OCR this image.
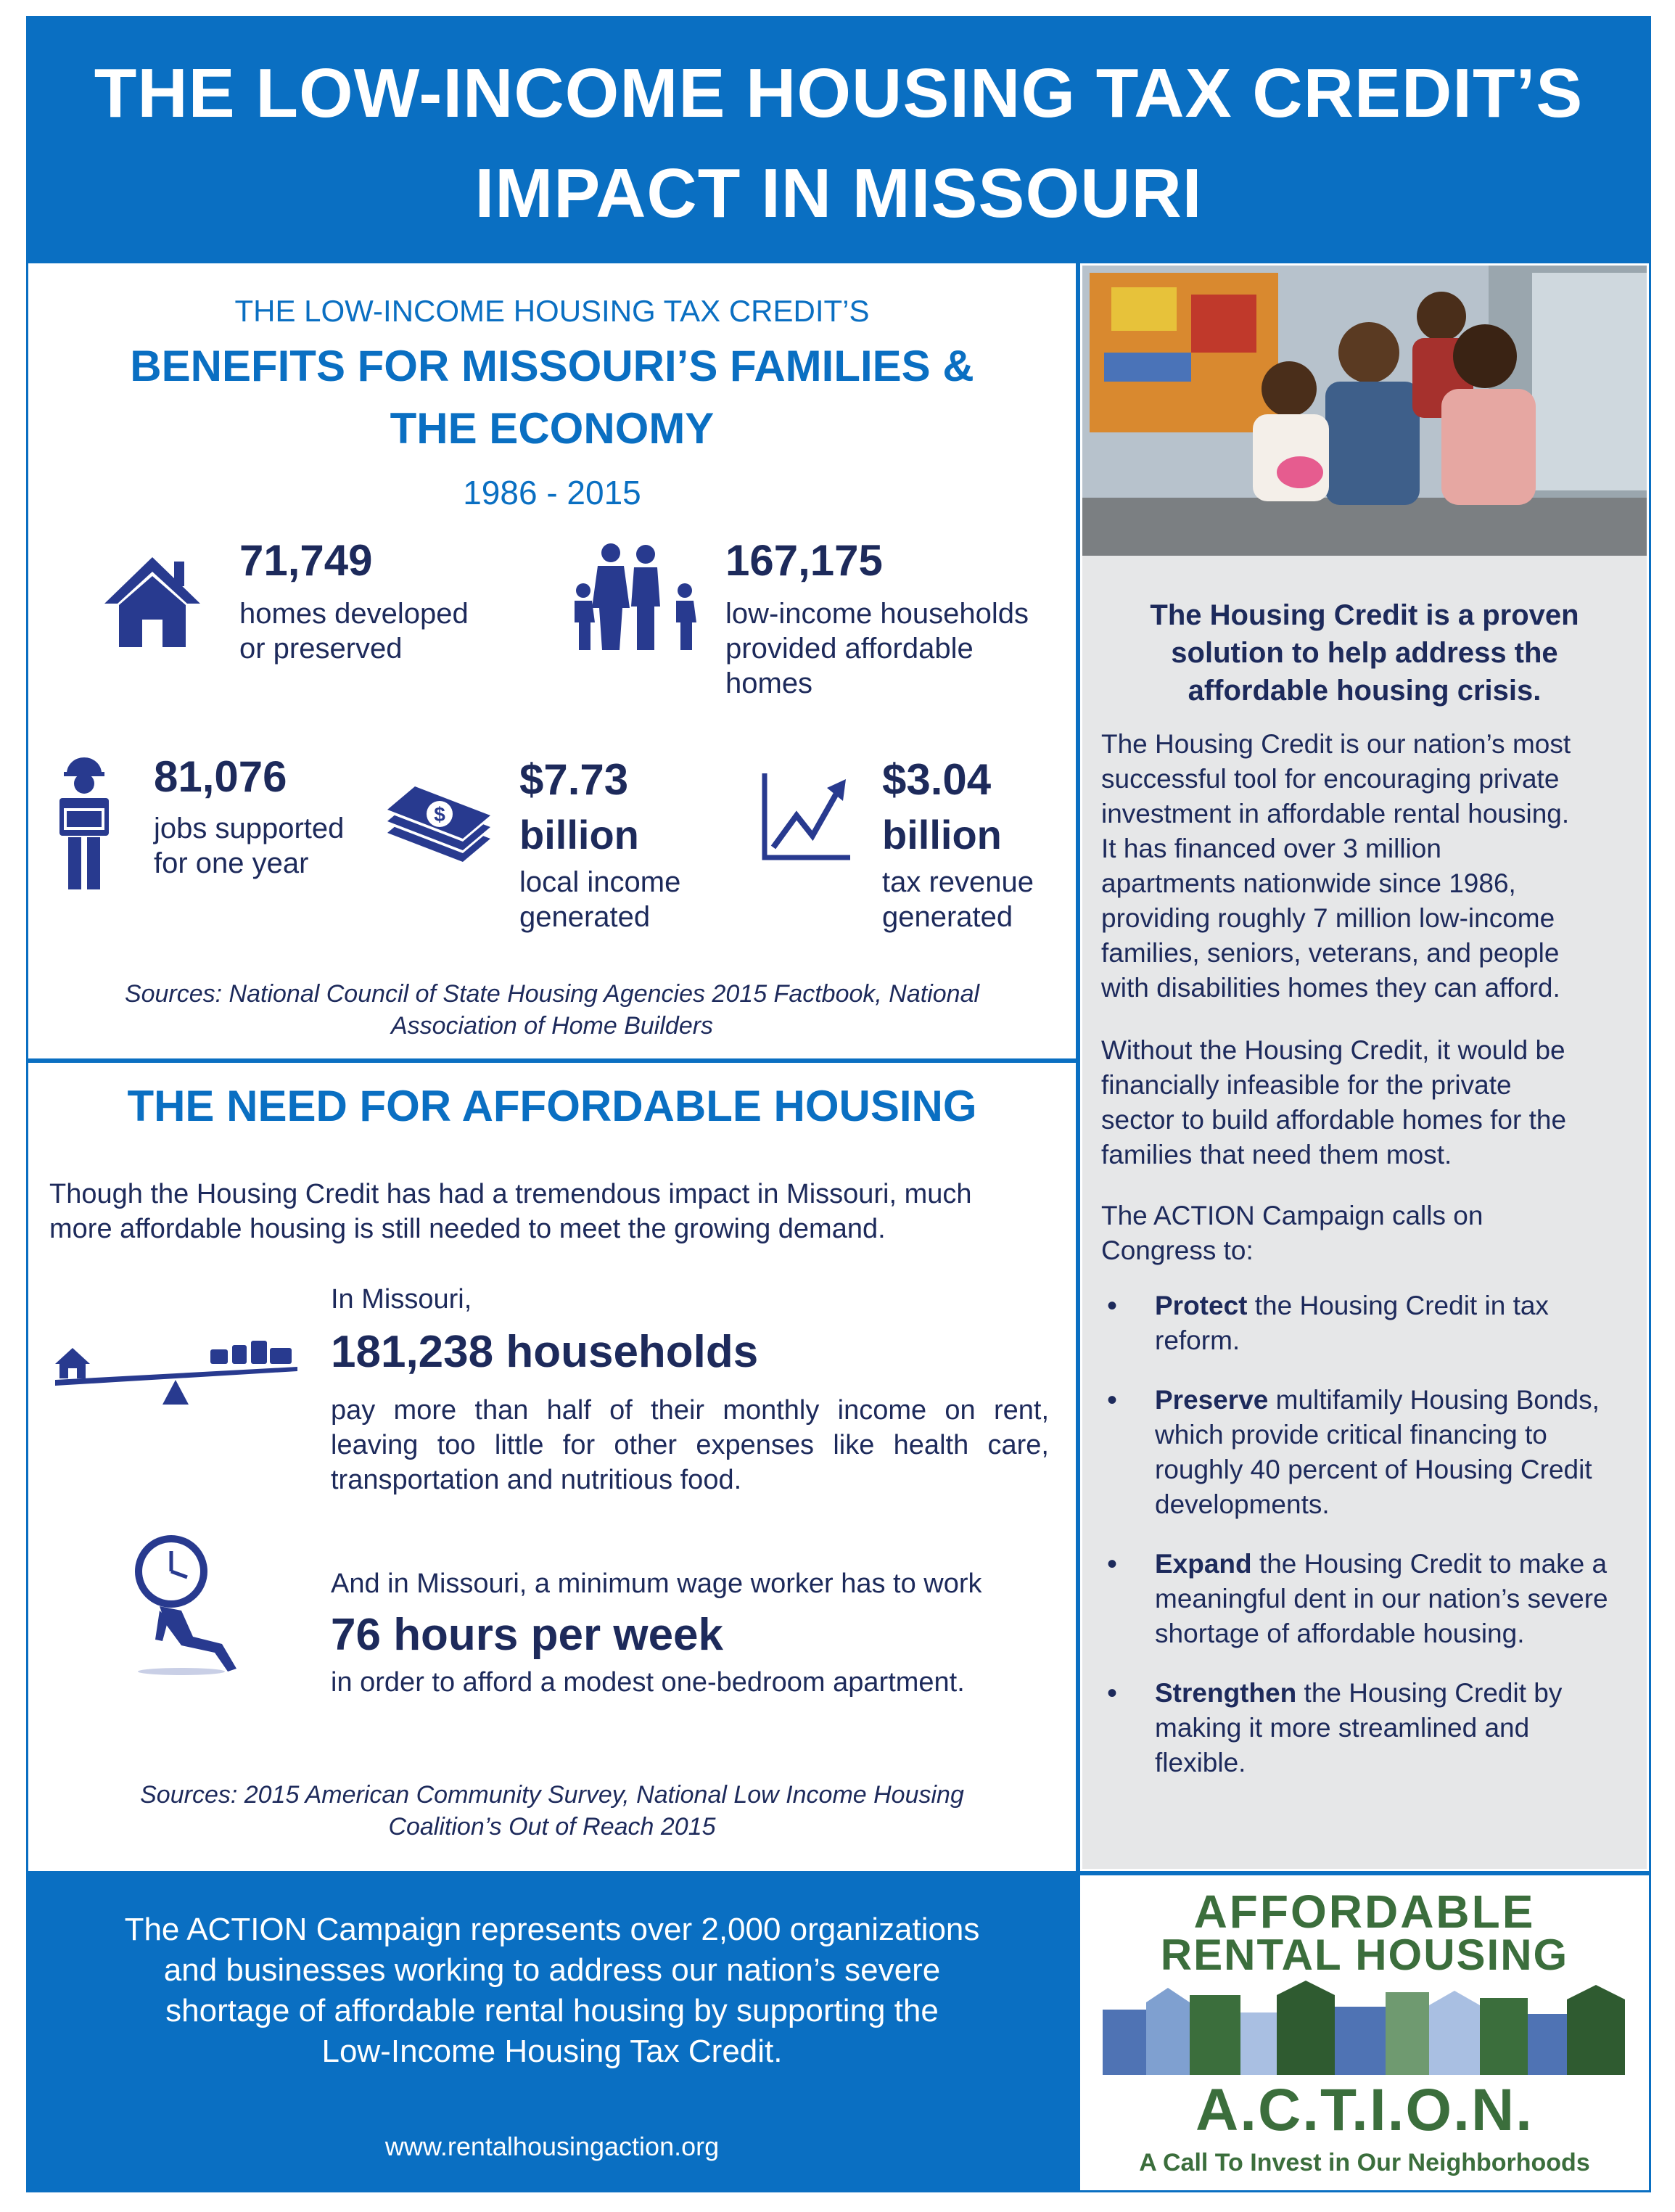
THE LOW-INCOME HOUSING TAX CREDIT’S
IMPACT IN MISSOURI
THE LOW-INCOME HOUSING TAX CREDIT’S
BENEFITS FOR MISSOURI’S FAMILIES &
THE ECONOMY
1986 - 2015
71,749
homes developed
or preserved
167,175
low-income households
provided affordable
homes
81,076
jobs supported
for one year
$
$7.73
billion
local income
generated
$3.04
billion
tax revenue
generated
Sources: National Council of State Housing Agencies 2015 Factbook, National
Association of Home Builders
THE NEED FOR AFFORDABLE HOUSING
Though the Housing Credit has had a tremendous impact in Missouri, much
more affordable housing is still needed to meet the growing demand.
In Missouri,
181,238 households
pay more than half of their monthly income on rent,
leaving too little for other expenses like health care,
transportation and nutritious food.
And in Missouri, a minimum wage worker has to work
76 hours per week
in order to afford a modest one-bedroom apartment.
Sources: 2015 American Community Survey, National Low Income Housing
Coalition’s Out of Reach 2015
The Housing Credit is a proven
solution to help address the
affordable housing crisis.
The Housing Credit is our nation’s most
successful tool for encouraging private
investment in affordable rental housing.
It has financed over 3 million
apartments nationwide since 1986,
providing roughly 7 million low-income
families, seniors, veterans, and people
with disabilities homes they can afford.
Without the Housing Credit, it would be
financially infeasible for the private
sector to build affordable homes for the
families that need them most.
The ACTION Campaign calls on
Congress to:
• Protect the Housing Credit in tax reform.
• Preserve multifamily Housing Bonds, which provide critical financing to roughly 40 percent of Housing Credit developments.
• Expand the Housing Credit to make a meaningful dent in our nation’s severe shortage of affordable housing.
• Strengthen the Housing Credit by making it more streamlined and flexible.
The ACTION Campaign represents over 2,000 organizations
and businesses working to address our nation’s severe
shortage of affordable rental housing by supporting the
Low-Income Housing Tax Credit.
www.rentalhousingaction.org
AFFORDABLE
RENTAL HOUSING
A.C.T.I.O.N.
A Call To Invest in Our Neighborhoods
